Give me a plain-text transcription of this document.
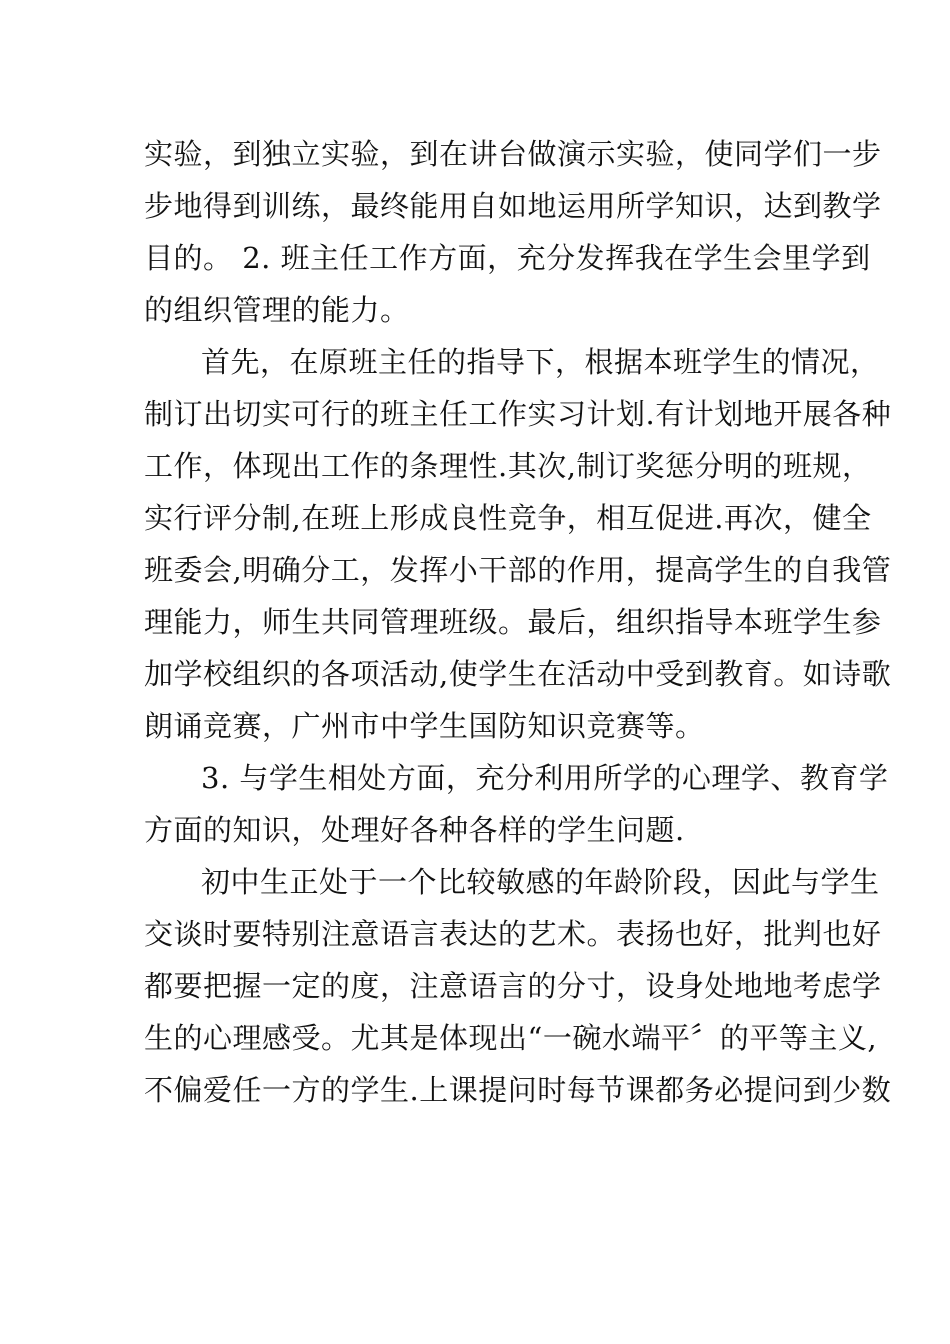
实验，到独立实验，到在讲台做演示实验，使同学们一步
步地得到训练，最终能用自如地运用所学知识，达到教学
目的。 2. 班主任工作方面，充分发挥我在学生会里学到
的组织管理的能力。
首先，在原班主任的指导下，根据本班学生的情况，
制订出切实可行的班主任工作实习计划.有计划地开展各种
工作，体现出工作的条理性.其次,制订奖惩分明的班规，
实行评分制,在班上形成良性竞争，相互促进.再次，健全
班委会,明确分工，发挥小干部的作用，提高学生的自我管
理能力，师生共同管理班级。最后，组织指导本班学生参
加学校组织的各项活动,使学生在活动中受到教育。如诗歌
朗诵竞赛，广州市中学生国防知识竞赛等。
3. 与学生相处方面，充分利用所学的心理学、教育学
方面的知识，处理好各种各样的学生问题.
初中生正处于一个比较敏感的年龄阶段，因此与学生
交谈时要特别注意语言表达的艺术。表扬也好，批判也好
都要把握一定的度，注意语言的分寸，设身处地地考虑学
生的心理感受。尤其是体现出“一碗水端平〞的平等主义,
不偏爱任一方的学生.上课提问时每节课都务必提问到少数
